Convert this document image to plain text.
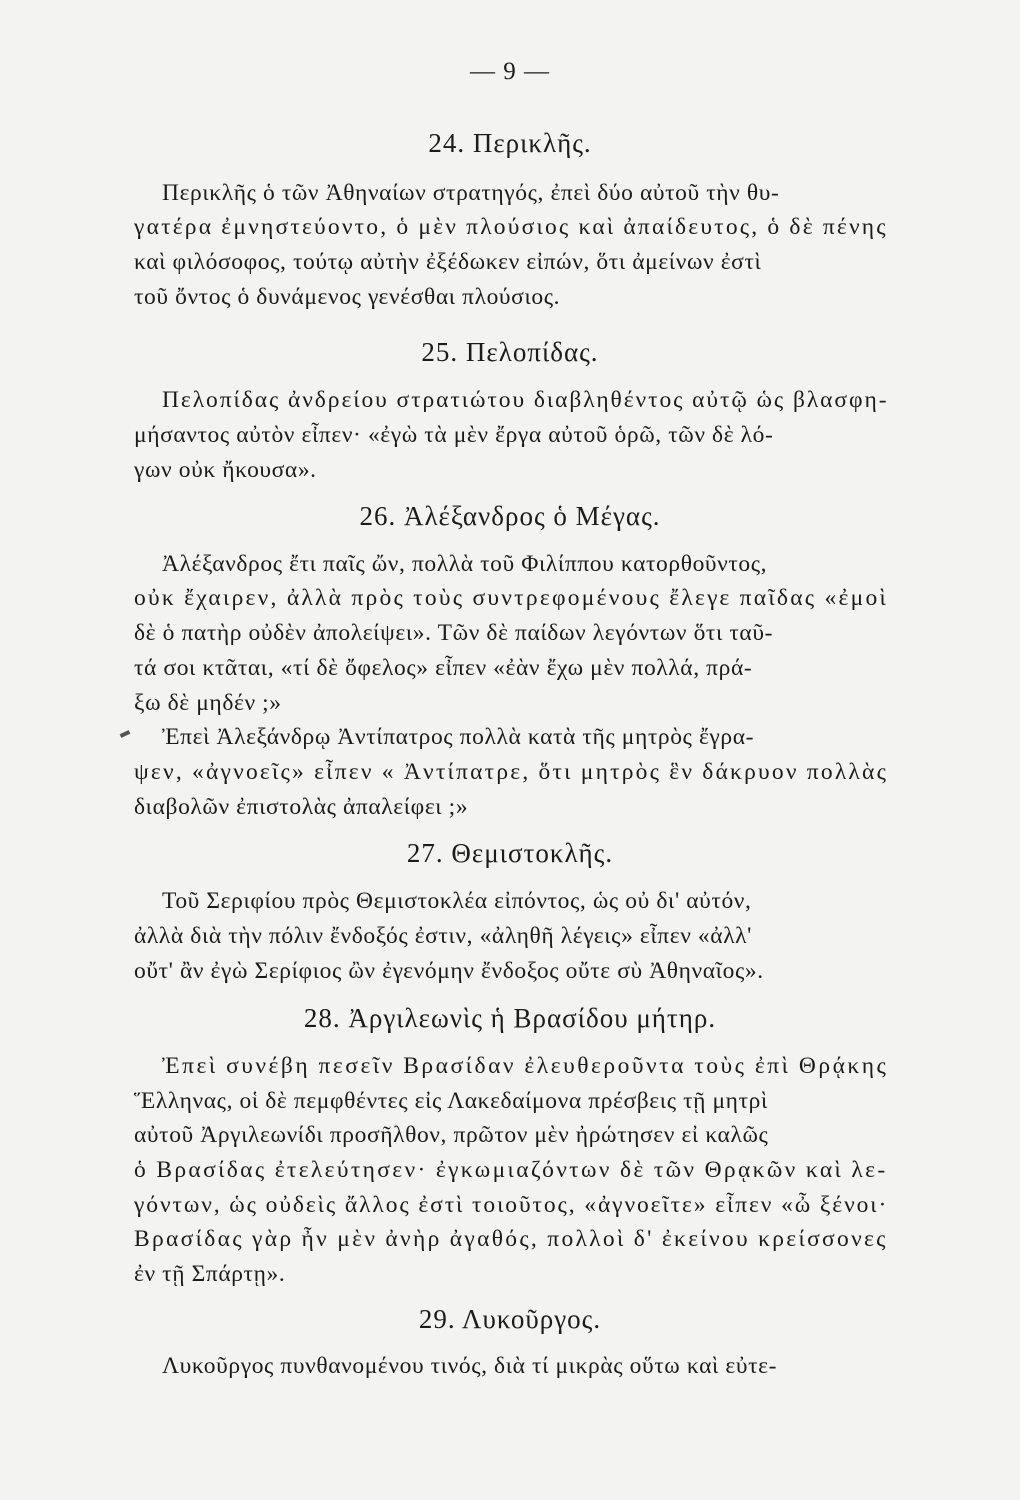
— 9 —
24. Περικλῆς.
Περικλῆς ὁ τῶν Ἀθηναίων στρατηγός, ἐπεὶ δύο αὐτοῦ τὴν θυ-
γατέρα ἐμνηστεύοντο, ὁ μὲν πλούσιος καὶ ἀπαίδευτος, ὁ δὲ πένης
καὶ φιλόσοφος, τούτῳ αὐτὴν ἐξέδωκεν εἰπών, ὅτι ἀμείνων ἐστὶ
τοῦ ὄντος ὁ δυνάμενος γενέσθαι πλούσιος.
25. Πελοπίδας.
Πελοπίδας ἀνδρείου στρατιώτου διαβληθέντος αὐτῷ ὡς βλασφη-
μήσαντος αὐτὸν εἶπεν· «ἐγὼ τὰ μὲν ἔργα αὐτοῦ ὁρῶ, τῶν δὲ λό-
γων οὐκ ἤκουσα».
26. Ἀλέξανδρος ὁ Μέγας.
Ἀλέξανδρος ἔτι παῖς ὤν, πολλὰ τοῦ Φιλίππου κατορθοῦντος,
οὐκ ἔχαιρεν, ἀλλὰ πρὸς τοὺς συντρεφομένους ἔλεγε παῖδας «ἐμοὶ
δὲ ὁ πατὴρ οὐδὲν ἀπολείψει». Τῶν δὲ παίδων λεγόντων ὅτι ταῦ-
τά σοι κτᾶται, «τί δὲ ὄφελος» εἶπεν «ἐὰν ἔχω μὲν πολλά, πρά-
ξω δὲ μηδέν ;»
Ἐπεὶ Ἀλεξάνδρῳ Ἀντίπατρος πολλὰ κατὰ τῆς μητρὸς ἔγρα-
ψεν, «ἀγνοεῖς» εἶπεν « Ἀντίπατρε, ὅτι μητρὸς ἓν δάκρυον πολλὰς
διαβολῶν ἐπιστολὰς ἀπαλείφει ;»
27. Θεμιστοκλῆς.
Τοῦ Σεριφίου πρὸς Θεμιστοκλέα εἰπόντος, ὡς οὐ δι' αὐτόν,
ἀλλὰ διὰ τὴν πόλιν ἔνδοξός ἐστιν, «ἀληθῆ λέγεις» εἶπεν «ἀλλ'
οὔτ' ἂν ἐγὼ Σερίφιος ὢν ἐγενόμην ἔνδοξος οὔτε σὺ Ἀθηναῖος».
28. Ἀργιλεωνὶς ἡ Βρασίδου μήτηρ.
Ἐπεὶ συνέβη πεσεῖν Βρασίδαν ἐλευθεροῦντα τοὺς ἐπὶ Θρᾴκης
Ἕλληνας, οἱ δὲ πεμφθέντες εἰς Λακεδαίμονα πρέσβεις τῇ μητρὶ
αὐτοῦ Ἀργιλεωνίδι προσῆλθον, πρῶτον μὲν ἠρώτησεν εἰ καλῶς
ὁ Βρασίδας ἐτελεύτησεν· ἐγκωμιαζόντων δὲ τῶν Θρᾳκῶν καὶ λε-
γόντων, ὡς οὐδεὶς ἄλλος ἐστὶ τοιοῦτος, «ἀγνοεῖτε» εἶπεν «ὦ ξένοι·
Βρασίδας γὰρ ἦν μὲν ἀνὴρ ἀγαθός, πολλοὶ δ' ἐκείνου κρείσσονες
ἐν τῇ Σπάρτῃ».
29. Λυκοῦργος.
Λυκοῦργος πυνθανομένου τινός, διὰ τί μικρὰς οὕτω καὶ εὐτε-
